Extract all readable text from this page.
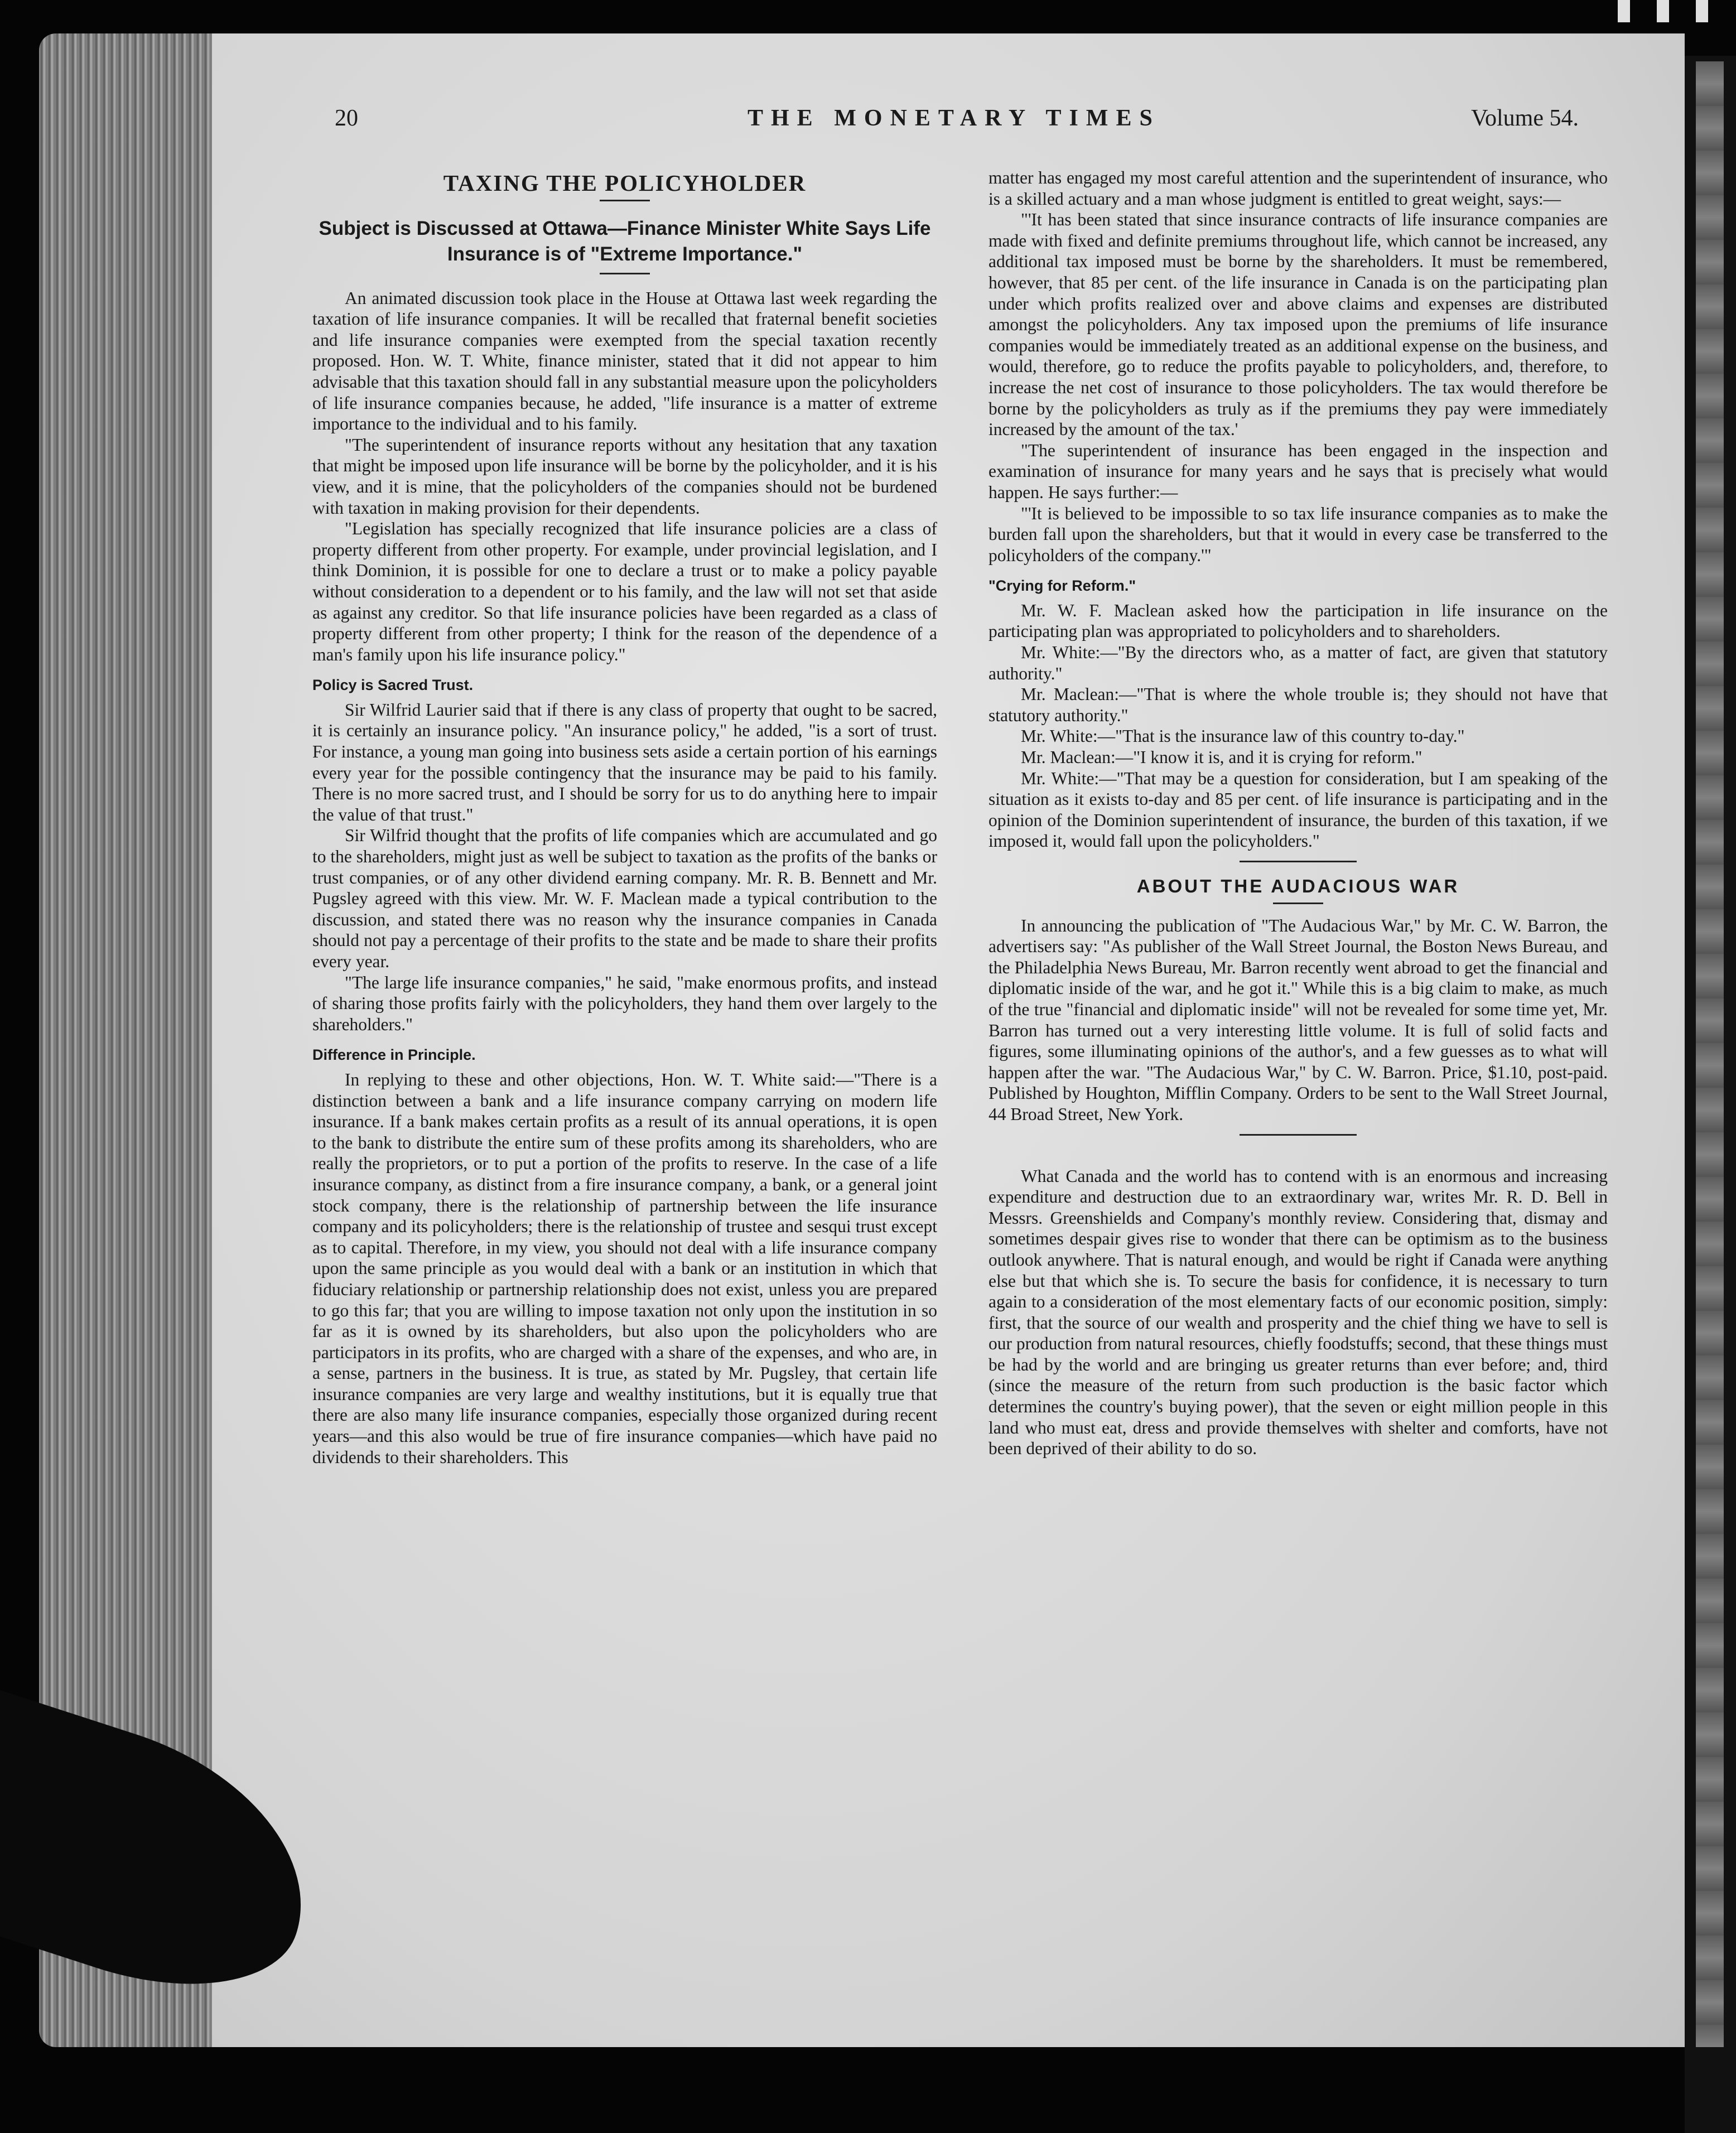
20	THE MONETARY TIMES	Volume 54.
TAXING THE POLICYHOLDER
Subject is Discussed at Ottawa—Finance Minister White Says Life Insurance is of "Extreme Importance."

An animated discussion took place in the House at Ottawa last week regarding the taxation of life insurance companies. It will be recalled that fraternal benefit societies and life insurance companies were exempted from the special taxation recently proposed. Hon. W. T. White, finance minister, stated that it did not appear to him advisable that this taxation should fall in any substantial measure upon the policyholders of life insurance companies because, he added, "life insurance is a matter of extreme importance to the individual and to his family.

"The superintendent of insurance reports without any hesitation that any taxation that might be imposed upon life insurance will be borne by the policyholder, and it is his view, and it is mine, that the policyholders of the companies should not be burdened with taxation in making provision for their dependents.

"Legislation has specially recognized that life insurance policies are a class of property different from other property. For example, under provincial legislation, and I think Dominion, it is possible for one to declare a trust or to make a policy payable without consideration to a dependent or to his family, and the law will not set that aside as against any creditor. So that life insurance policies have been regarded as a class of property different from other property; I think for the reason of the dependence of a man's family upon his life insurance policy."

Policy is Sacred Trust.

Sir Wilfrid Laurier said that if there is any class of property that ought to be sacred, it is certainly an insurance policy. "An insurance policy," he added, "is a sort of trust. For instance, a young man going into business sets aside a certain portion of his earnings every year for the possible contingency that the insurance may be paid to his family. There is no more sacred trust, and I should be sorry for us to do anything here to impair the value of that trust."

Sir Wilfrid thought that the profits of life companies which are accumulated and go to the shareholders, might just as well be subject to taxation as the profits of the banks or trust companies, or of any other dividend earning company. Mr. R. B. Bennett and Mr. Pugsley agreed with this view. Mr. W. F. Maclean made a typical contribution to the discussion, and stated there was no reason why the insurance companies in Canada should not pay a percentage of their profits to the state and be made to share their profits every year.

"The large life insurance companies," he said, "make enormous profits, and instead of sharing those profits fairly with the policyholders, they hand them over largely to the shareholders."

Difference in Principle.

In replying to these and other objections, Hon. W. T. White said:—"There is a distinction between a bank and a life insurance company carrying on modern life insurance. If a bank makes certain profits as a result of its annual operations, it is open to the bank to distribute the entire sum of these profits among its shareholders, who are really the proprietors, or to put a portion of the profits to reserve. In the case of a life insurance company, as distinct from a fire insurance company, a bank, or a general joint stock company, there is the relationship of partnership between the life insurance company and its policyholders; there is the relationship of trustee and sesqui trust except as to capital. Therefore, in my view, you should not deal with a life insurance company upon the same principle as you would deal with a bank or an institution in which that fiduciary relationship or partnership relationship does not exist, unless you are prepared to go this far; that you are willing to impose taxation not only upon the institution in so far as it is owned by its shareholders, but also upon the policyholders who are participators in its profits, who are charged with a share of the expenses, and who are, in a sense, partners in the business. It is true, as stated by Mr. Pugsley, that certain life insurance companies are very large and wealthy institutions, but it is equally true that there are also many life insurance companies, especially those organized during recent years—and this also would be true of fire insurance companies—which have paid no dividends to their shareholders. This

matter has engaged my most careful attention and the superintendent of insurance, who is a skilled actuary and a man whose judgment is entitled to great weight, says:—

"'It has been stated that since insurance contracts of life insurance companies are made with fixed and definite premiums throughout life, which cannot be increased, any additional tax imposed must be borne by the shareholders. It must be remembered, however, that 85 per cent. of the life insurance in Canada is on the participating plan under which profits realized over and above claims and expenses are distributed amongst the policyholders. Any tax imposed upon the premiums of life insurance companies would be immediately treated as an additional expense on the business, and would, therefore, go to reduce the profits payable to policyholders, and, therefore, to increase the net cost of insurance to those policyholders. The tax would therefore be borne by the policyholders as truly as if the premiums they pay were immediately increased by the amount of the tax.'

"The superintendent of insurance has been engaged in the inspection and examination of insurance for many years and he says that is precisely what would happen. He says further:—

"'It is believed to be impossible to so tax life insurance companies as to make the burden fall upon the shareholders, but that it would in every case be transferred to the policyholders of the company.'"

"Crying for Reform."

Mr. W. F. Maclean asked how the participation in life insurance on the participating plan was appropriated to policyholders and to shareholders.

Mr. White:—"By the directors who, as a matter of fact, are given that statutory authority."

Mr. Maclean:—"That is where the whole trouble is; they should not have that statutory authority."

Mr. White:—"That is the insurance law of this country to-day."

Mr. Maclean:—"I know it is, and it is crying for reform."

Mr. White:—"That may be a question for consideration, but I am speaking of the situation as it exists to-day and 85 per cent. of life insurance is participating and in the opinion of the Dominion superintendent of insurance, the burden of this taxation, if we imposed it, would fall upon the policyholders."

ABOUT THE AUDACIOUS WAR

In announcing the publication of "The Audacious War," by Mr. C. W. Barron, the advertisers say: "As publisher of the Wall Street Journal, the Boston News Bureau, and the Philadelphia News Bureau, Mr. Barron recently went abroad to get the financial and diplomatic inside of the war, and he got it." While this is a big claim to make, as much of the true "financial and diplomatic inside" will not be revealed for some time yet, Mr. Barron has turned out a very interesting little volume. It is full of solid facts and figures, some illuminating opinions of the author's, and a few guesses as to what will happen after the war. "The Audacious War," by C. W. Barron. Price, $1.10, post-paid. Published by Houghton, Mifflin Company. Orders to be sent to the Wall Street Journal, 44 Broad Street, New York.

What Canada and the world has to contend with is an enormous and increasing expenditure and destruction due to an extraordinary war, writes Mr. R. D. Bell in Messrs. Greenshields and Company's monthly review. Considering that, dismay and sometimes despair gives rise to wonder that there can be optimism as to the business outlook anywhere. That is natural enough, and would be right if Canada were anything else but that which she is. To secure the basis for confidence, it is necessary to turn again to a consideration of the most elementary facts of our economic position, simply: first, that the source of our wealth and prosperity and the chief thing we have to sell is our production from natural resources, chiefly foodstuffs; second, that these things must be had by the world and are bringing us greater returns than ever before; and, third (since the measure of the return from such production is the basic factor which determines the country's buying power), that the seven or eight million people in this land who must eat, dress and provide themselves with shelter and comforts, have not been deprived of their ability to do so.
